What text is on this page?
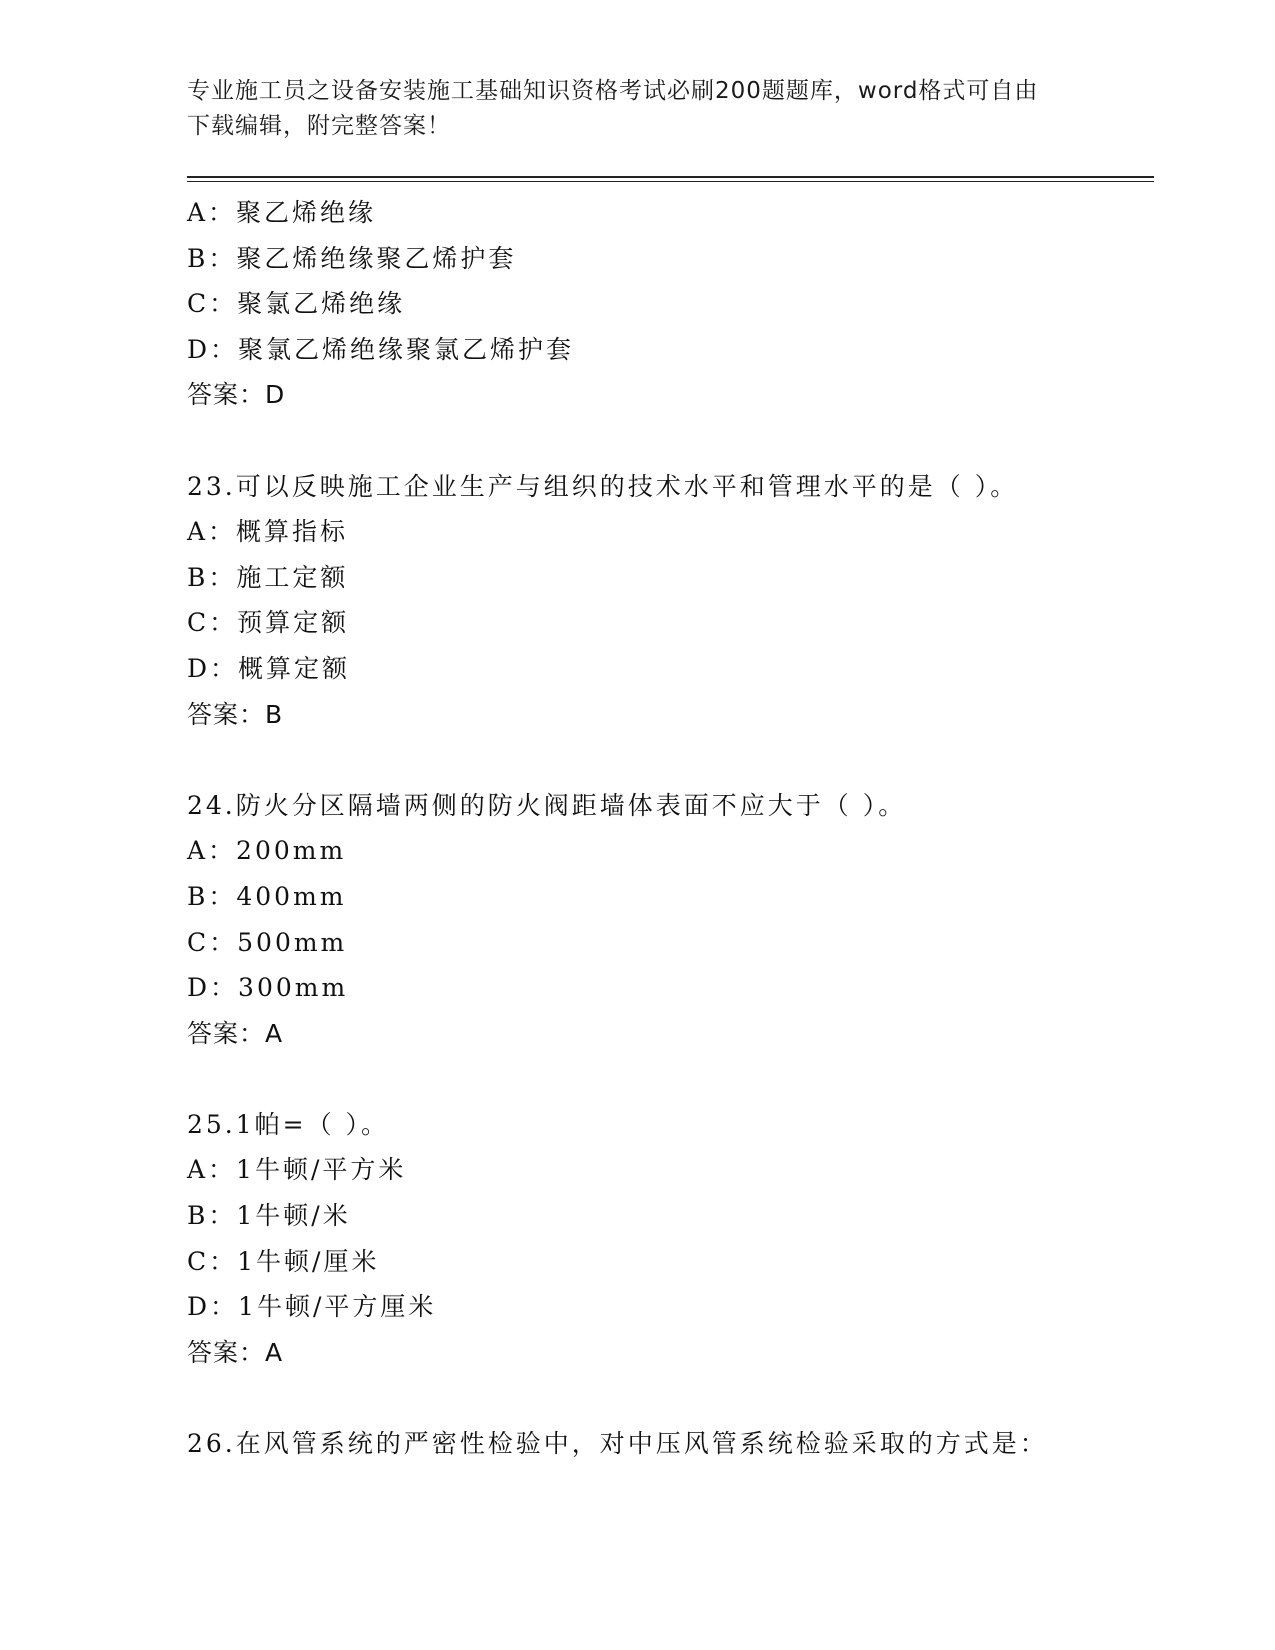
专业施工员之设备安装施工基础知识资格考试必刷200题题库，word格式可自由
下载编辑，附完整答案！
A：聚乙烯绝缘
B：聚乙烯绝缘聚乙烯护套
C：聚氯乙烯绝缘
D：聚氯乙烯绝缘聚氯乙烯护套
答案：D
23.可以反映施工企业生产与组织的技术水平和管理水平的是（ ）。
A：概算指标
B：施工定额
C：预算定额
D：概算定额
答案：B
24.防火分区隔墙两侧的防火阀距墙体表面不应大于（ ）。
A：200mm
B：400mm
C：500mm
D：300mm
答案：A
25.1帕=（ ）。
A：1牛顿/平方米
B：1牛顿/米
C：1牛顿/厘米
D：1牛顿/平方厘米
答案：A
26.在风管系统的严密性检验中，对中压风管系统检验采取的方式是：
